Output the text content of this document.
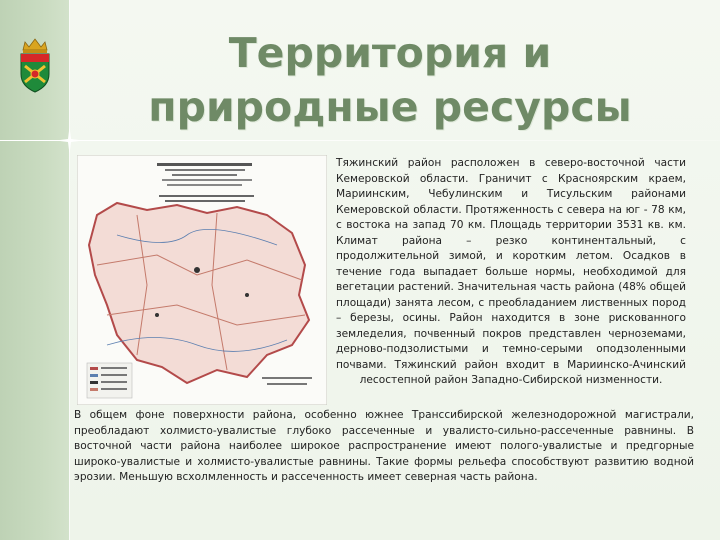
Территория и
природные ресурсы
Тяжинский район расположен в северо-восточной части Кемеровской области. Граничит с Красноярским краем, Мариинским, Чебулинским и Тисульским районами Кемеровской области. Протяженность с севера на юг - 78 км, с востока на запад 70 км. Площадь территории 3531 кв. км. Климат района – резко континентальный, с продолжительной зимой, и коротким летом. Осадков в течение года выпадает больше нормы, необходимой для вегетации растений. Значительная часть района (48% общей площади) занята лесом, с преобладанием лиственных пород – березы, осины. Район находится в зоне рискованного земледелия, почвенный покров представлен черноземами, дерново-подзолистыми и темно-серыми оподзоленными почвами. Тяжинский район входит в Мариинско-Ачинский лесостепной район Западно-Сибирской низменности.
В общем фоне поверхности района, особенно южнее Транссибирской железнодорожной магистрали, преобладают холмисто-увалистые глубоко рассеченные и увалисто-сильно-рассеченные равнины. В восточной части района наиболее широкое распространение имеют полого-увалистые и предгорные широко-увалистые и холмисто-увалистые равнины. Такие формы рельефа способствуют развитию водной эрозии. Меньшую всхолмленность и рассеченность имеет северная часть района.
